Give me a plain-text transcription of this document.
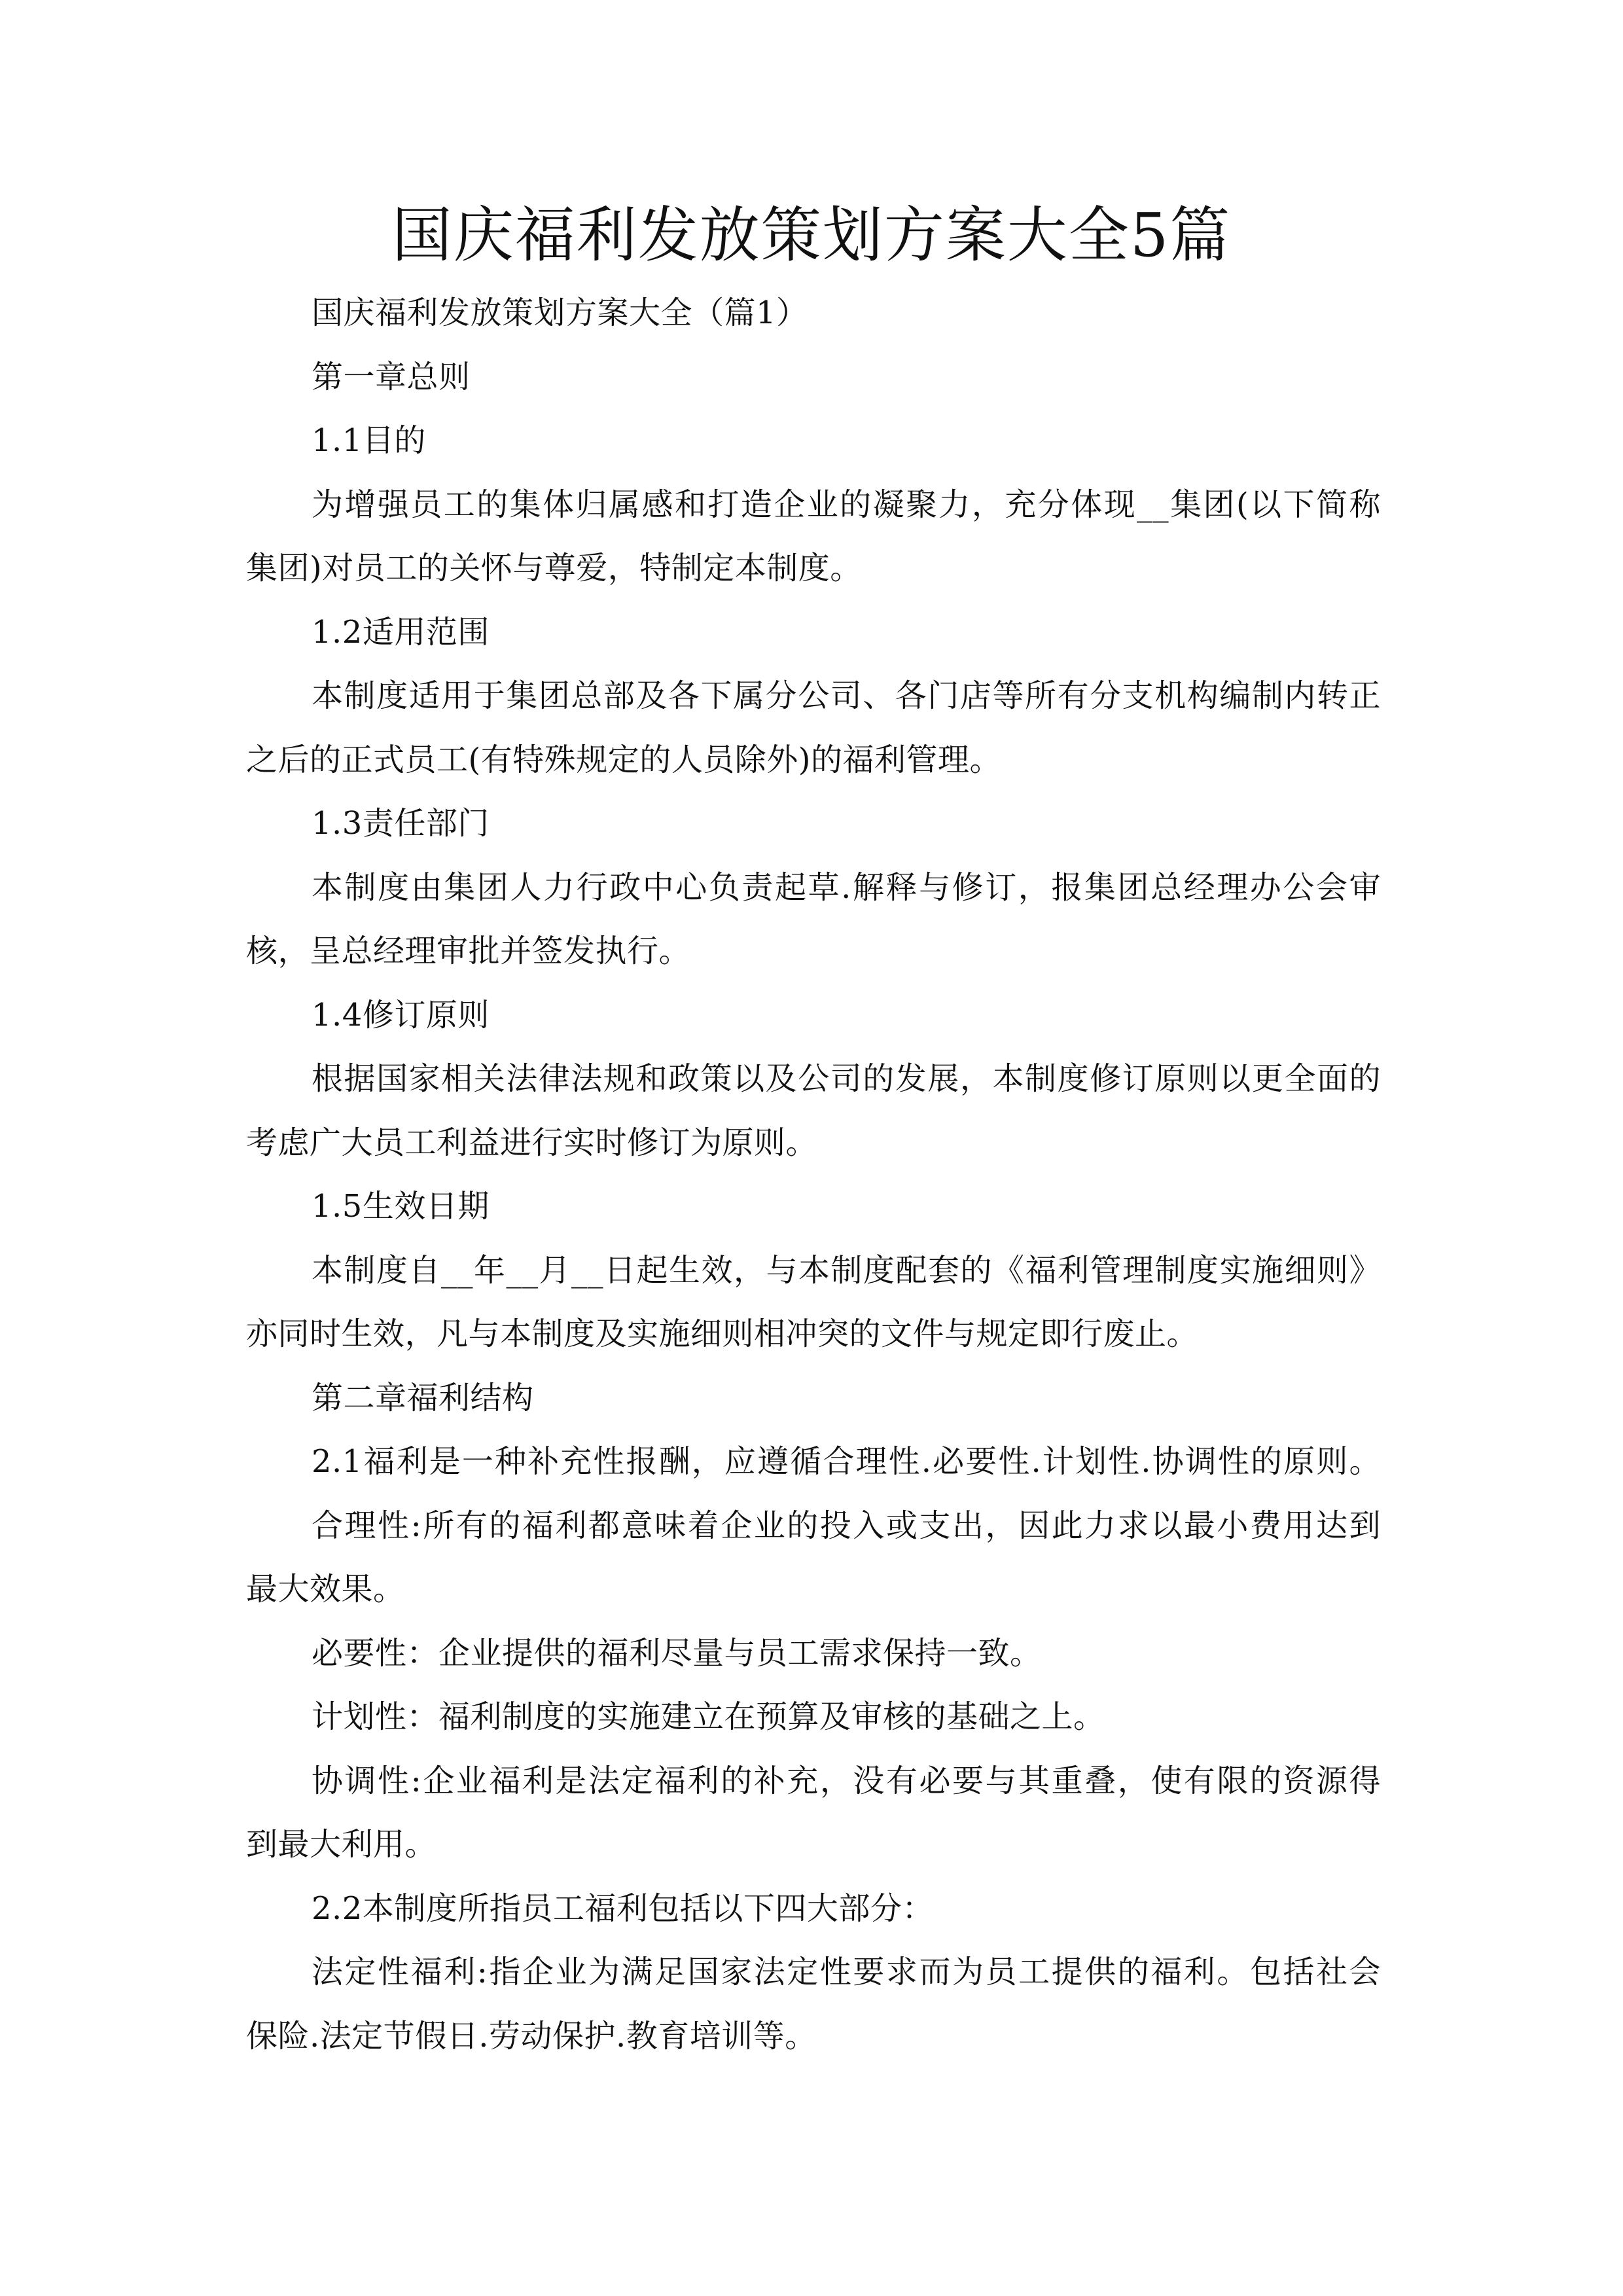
国庆福利发放策划方案大全5篇
国庆福利发放策划方案大全（篇1）
第一章总则
1.1目的
为增强员工的集体归属感和打造企业的凝聚力，充分体现__集团(以下简称
集团)对员工的关怀与尊爱，特制定本制度。
1.2适用范围
本制度适用于集团总部及各下属分公司、各门店等所有分支机构编制内转正
之后的正式员工(有特殊规定的人员除外)的福利管理。
1.3责任部门
本制度由集团人力行政中心负责起草.解释与修订，报集团总经理办公会审
核，呈总经理审批并签发执行。
1.4修订原则
根据国家相关法律法规和政策以及公司的发展，本制度修订原则以更全面的
考虑广大员工利益进行实时修订为原则。
1.5生效日期
本制度自__年__月__日起生效，与本制度配套的《福利管理制度实施细则》
亦同时生效，凡与本制度及实施细则相冲突的文件与规定即行废止。
第二章福利结构
2.1福利是一种补充性报酬，应遵循合理性.必要性.计划性.协调性的原则。
合理性:所有的福利都意味着企业的投入或支出，因此力求以最小费用达到
最大效果。
必要性：企业提供的福利尽量与员工需求保持一致。
计划性：福利制度的实施建立在预算及审核的基础之上。
协调性:企业福利是法定福利的补充，没有必要与其重叠，使有限的资源得
到最大利用。
2.2本制度所指员工福利包括以下四大部分：
法定性福利:指企业为满足国家法定性要求而为员工提供的福利。包括社会
保险.法定节假日.劳动保护.教育培训等。
